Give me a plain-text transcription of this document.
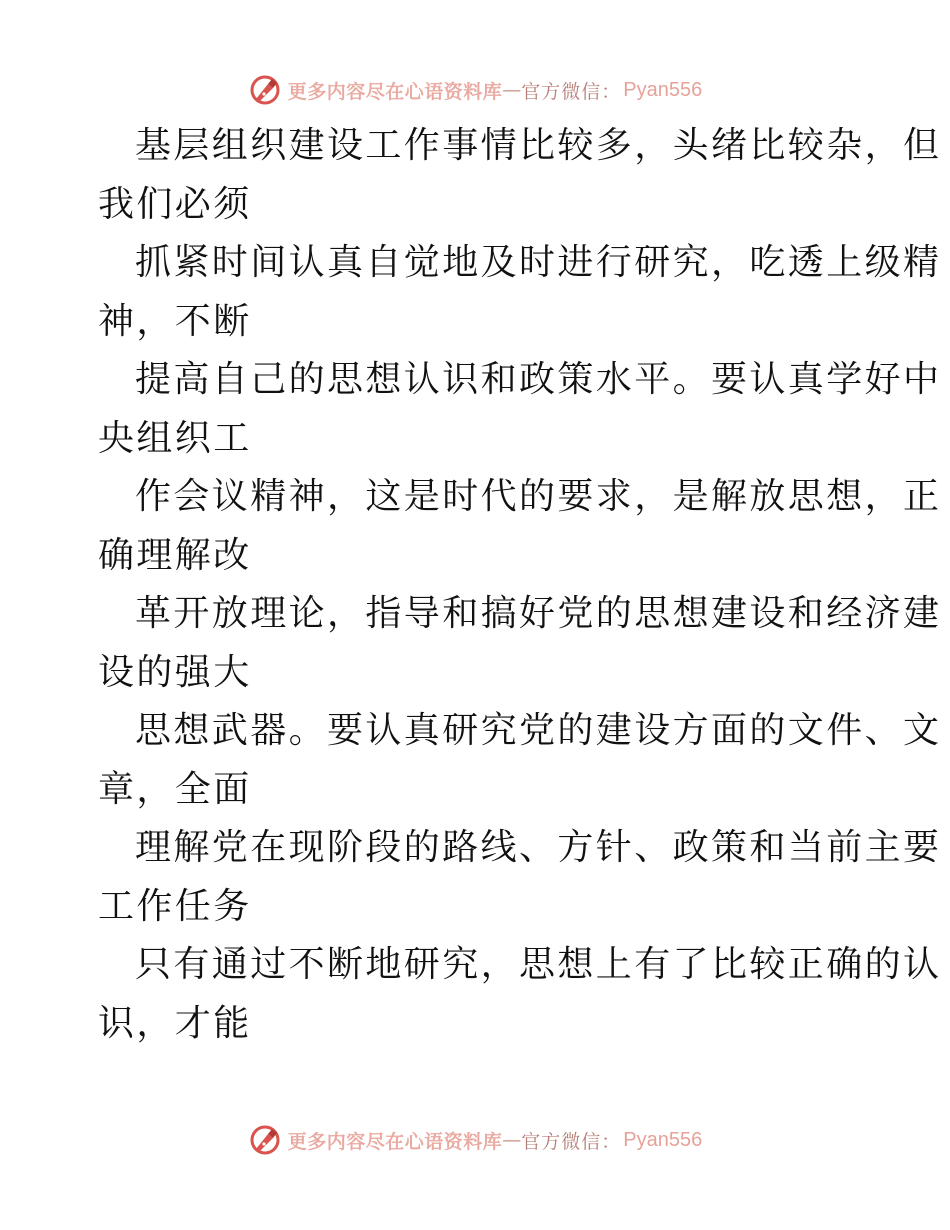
更多内容尽在心语资料库 — 官方微信： Pyan556
基层组织建设工作事情比较多，头绪比较杂，但
我们必须
抓紧时间认真自觉地及时进行研究，吃透上级精
神，不断
提高自己的思想认识和政策水平。要认真学好中
央组织工
作会议精神，这是时代的要求，是解放思想，正
确理解改
革开放理论，指导和搞好党的思想建设和经济建
设的强大
思想武器。要认真研究党的建设方面的文件、文
章，全面
理解党在现阶段的路线、方针、政策和当前主要
工作任务
只有通过不断地研究，思想上有了比较正确的认
识，才能
更多内容尽在心语资料库 — 官方微信： Pyan556
